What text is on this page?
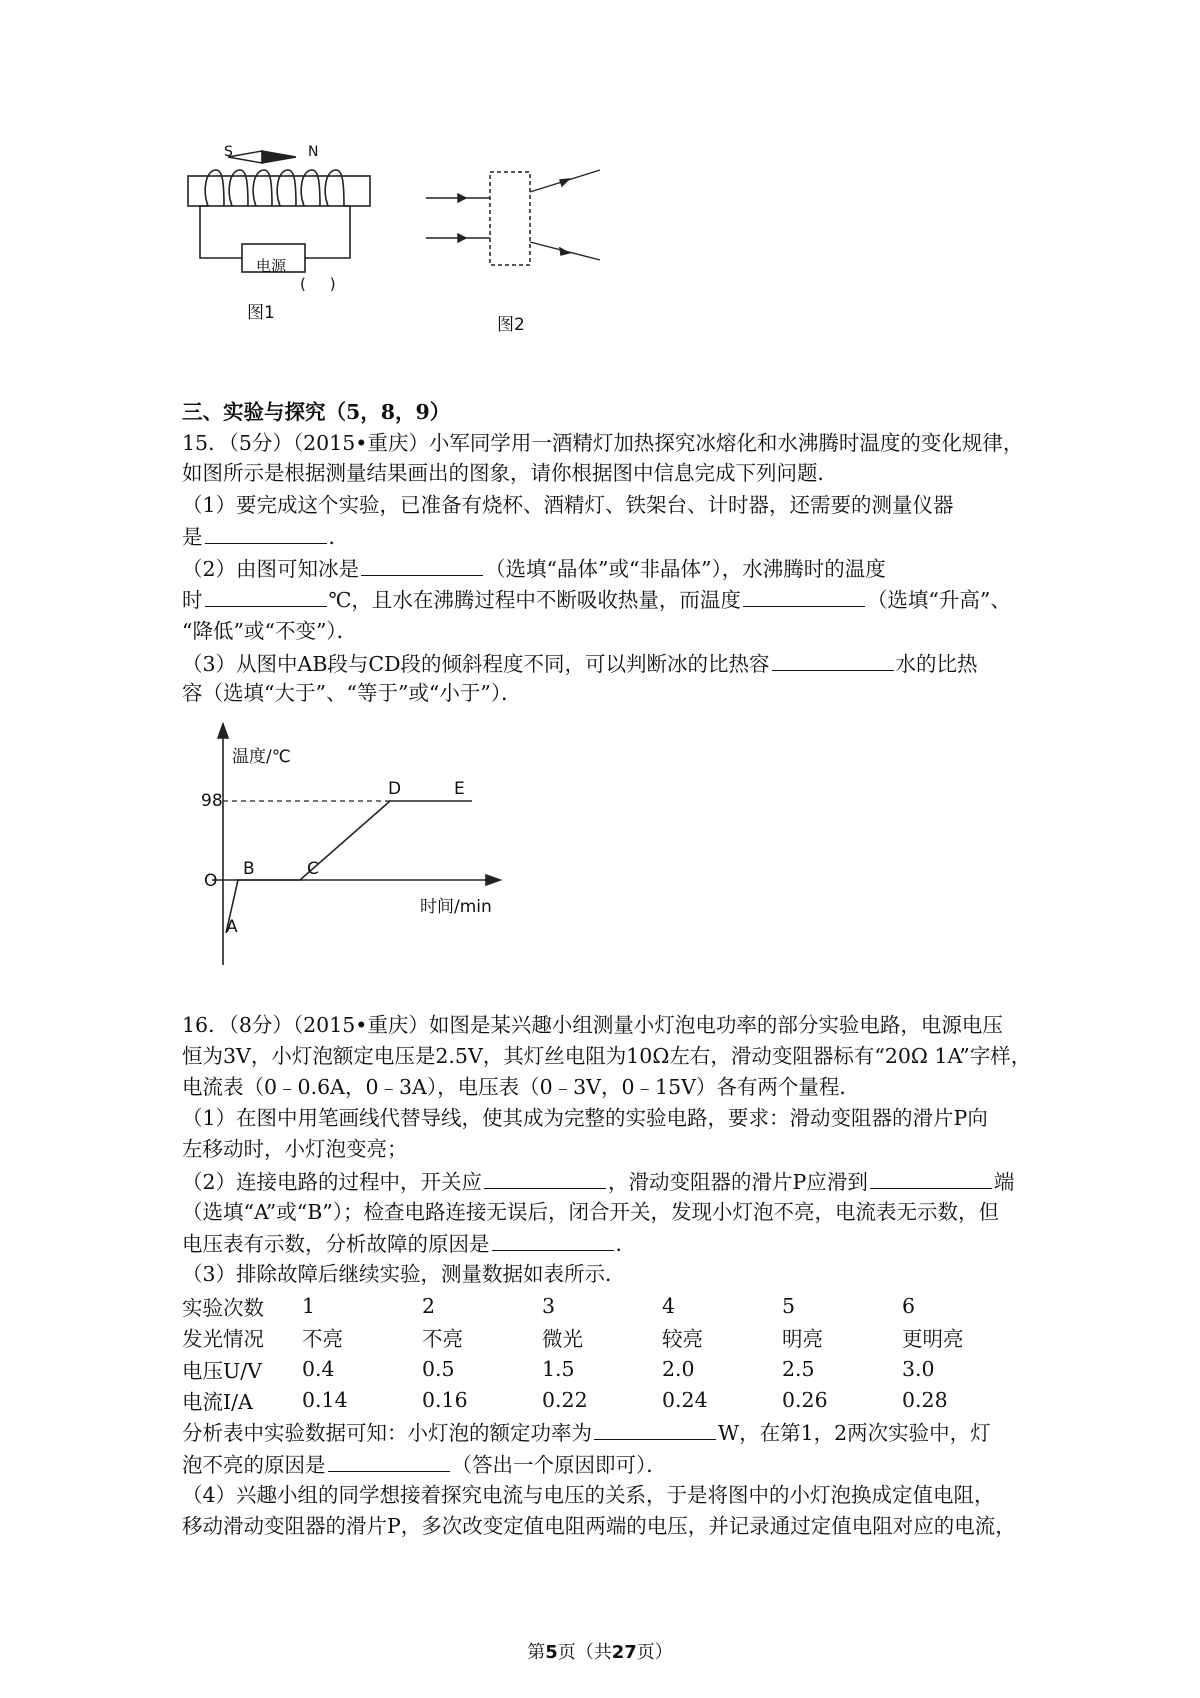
S	N
电源
(     )
图1
图2
三、实验与探究（5，8，9）
15．（5分）（2015•重庆）小军同学用一酒精灯加热探究冰熔化和水沸腾时温度的变化规律，
如图所示是根据测量结果画出的图象，请你根据图中信息完成下列问题．
（1）要完成这个实验，已准备有烧杯、酒精灯、铁架台、计时器，还需要的测量仪器
是	．
（2）由图可知冰是	（选填“晶体”或“非晶体”），水沸腾时的温度
时	℃，且水在沸腾过程中不断吸收热量，而温度	（选填“升高”、
“降低”或“不变”）．
（3）从图中AB段与CD段的倾斜程度不同，可以判断冰的比热容	水的比热
容（选填“大于”、“等于”或“小于”）．
温度/℃
98
O
B	C
D	E
A
时间/min
16．（8分）（2015•重庆）如图是某兴趣小组测量小灯泡电功率的部分实验电路，电源电压
恒为3V，小灯泡额定电压是2.5V，其灯丝电阻为10Ω左右，滑动变阻器标有“20Ω 1A”字样，
电流表（0﹣0.6A，0﹣3A），电压表（0﹣3V，0﹣15V）各有两个量程．
（1）在图中用笔画线代替导线，使其成为完整的实验电路，要求：滑动变阻器的滑片P向
左移动时，小灯泡变亮；
（2）连接电路的过程中，开关应	，滑动变阻器的滑片P应滑到	端
（选填“A”或“B”）；检查电路连接无误后，闭合开关，发现小灯泡不亮，电流表无示数，但
电压表有示数，分析故障的原因是	．
（3）排除故障后继续实验，测量数据如表所示．
实验次数	1	2	3	4	5	6
发光情况	不亮	不亮	微光	较亮	明亮	更明亮
电压U/V	0.4	0.5	1.5	2.0	2.5	3.0
电流I/A	0.14	0.16	0.22	0.24	0.26	0.28
分析表中实验数据可知：小灯泡的额定功率为	W，在第1，2两次实验中，灯
泡不亮的原因是	（答出一个原因即可）．
（4）兴趣小组的同学想接着探究电流与电压的关系，于是将图中的小灯泡换成定值电阻，
移动滑动变阻器的滑片P，多次改变定值电阻两端的电压，并记录通过定值电阻对应的电流，
第5页（共27页）
